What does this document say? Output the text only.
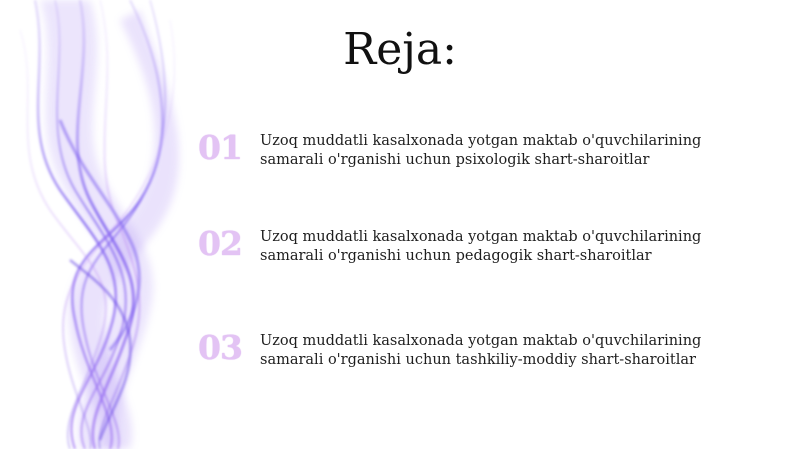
Reja:
01	Uzoq muddatli kasalxonada yotgan maktab o'quvchilarining samarali o'rganishi uchun psixologik shart-sharoitlar
02	Uzoq muddatli kasalxonada yotgan maktab o'quvchilarining samarali o'rganishi uchun pedagogik shart-sharoitlar
03	Uzoq muddatli kasalxonada yotgan maktab o'quvchilarining samarali o'rganishi uchun tashkiliy-moddiy shart-sharoitlar
